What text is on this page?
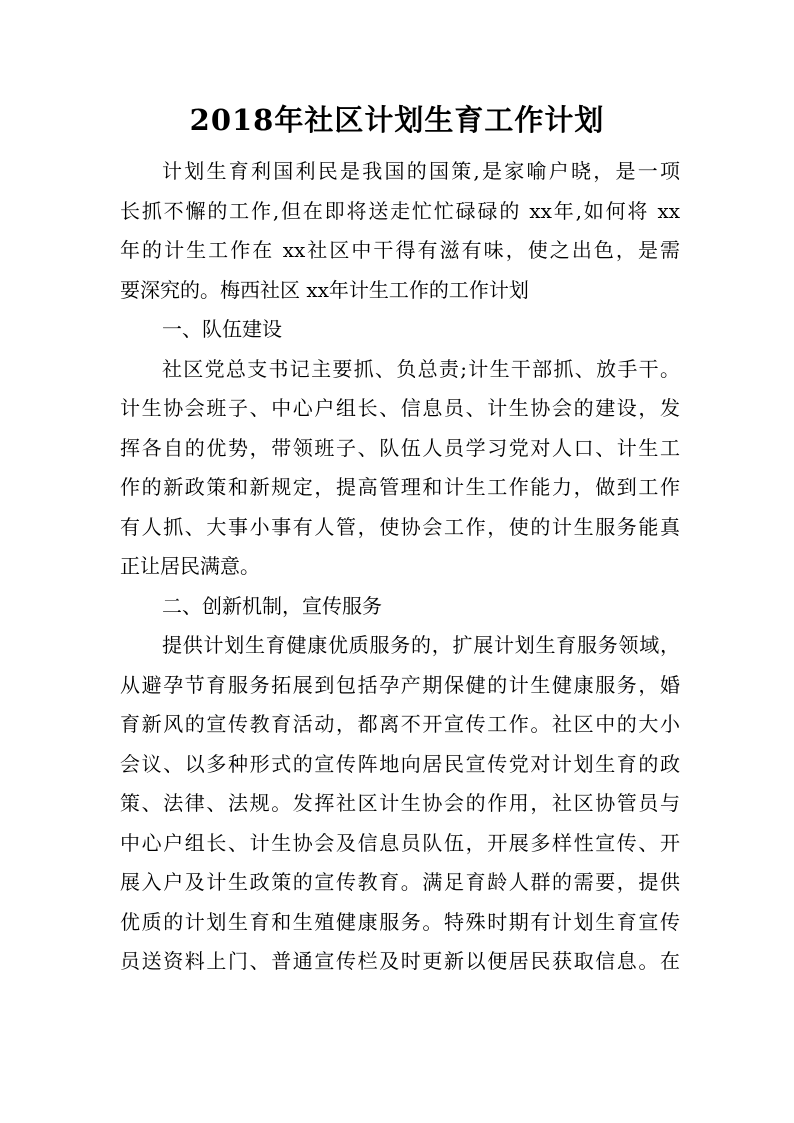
2018年社区计划生育工作计划
计划生育利国利民是我国的国策,是家喻户晓，是一项
长抓不懈的工作,但在即将送走忙忙碌碌的 xx年,如何将 xx
年的计生工作在 xx社区中干得有滋有味，使之出色，是需
要深究的。梅西社区 xx年计生工作的工作计划
一、队伍建设
社区党总支书记主要抓、负总责;计生干部抓、放手干。
计生协会班子、中心户组长、信息员、计生协会的建设，发
挥各自的优势，带领班子、队伍人员学习党对人口、计生工
作的新政策和新规定，提高管理和计生工作能力，做到工作
有人抓、大事小事有人管，使协会工作，使的计生服务能真
正让居民满意。
二、创新机制，宣传服务
提供计划生育健康优质服务的，扩展计划生育服务领域，
从避孕节育服务拓展到包括孕产期保健的计生健康服务，婚
育新风的宣传教育活动，都离不开宣传工作。社区中的大小
会议、以多种形式的宣传阵地向居民宣传党对计划生育的政
策、法律、法规。发挥社区计生协会的作用，社区协管员与
中心户组长、计生协会及信息员队伍，开展多样性宣传、开
展入户及计生政策的宣传教育。满足育龄人群的需要，提供
优质的计划生育和生殖健康服务。特殊时期有计划生育宣传
员送资料上门、普通宣传栏及时更新以便居民获取信息。在
